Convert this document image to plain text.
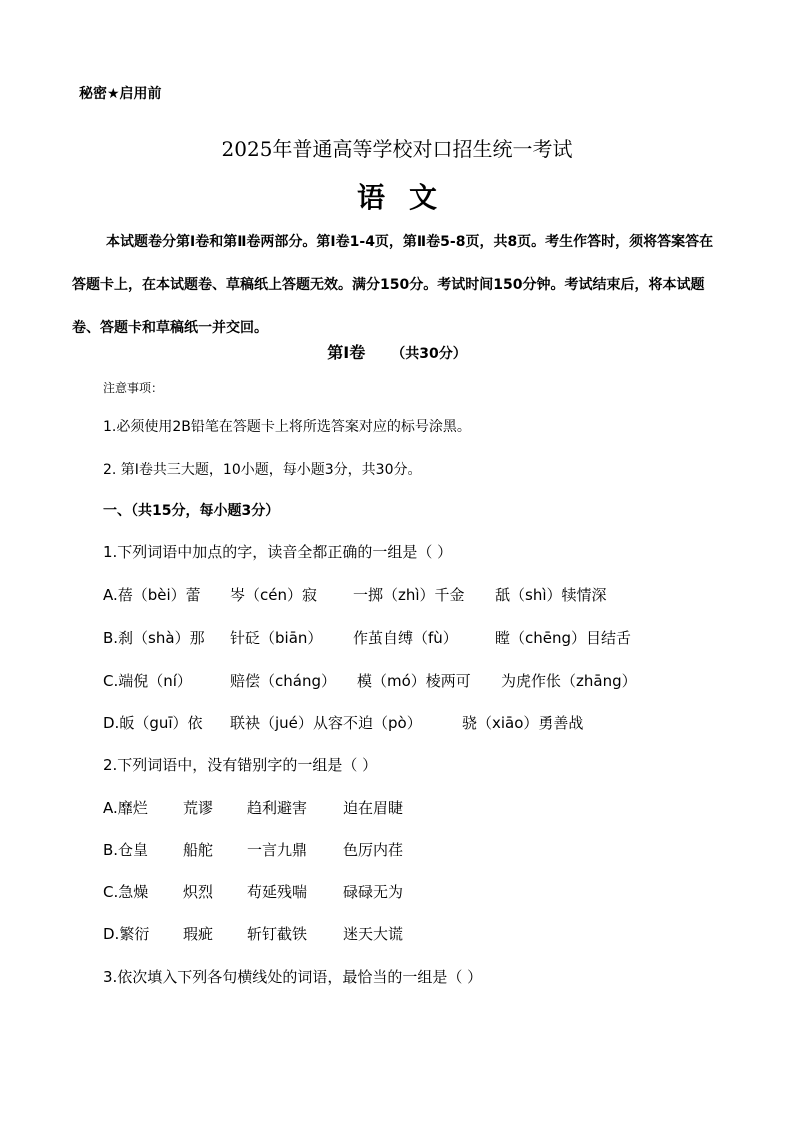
秘密★启用前
2025年普通高等学校对口招生统一考试
语文
本试题卷分第Ⅰ卷和第Ⅱ卷两部分。第Ⅰ卷1-4页，第Ⅱ卷5-8页，共8页。考生作答时，须将答案答在答题卡上，在本试题卷、草稿纸上答题无效。满分150分。考试时间150分钟。考试结束后，将本试题卷、答题卡和草稿纸一并交回。
第Ⅰ卷 （共30分）
注意事项：
1.必须使用2B铅笔在答题卡上将所选答案对应的标号涂黑。
2. 第Ⅰ卷共三大题，10小题，每小题3分，共30分。
一、（共15分，每小题3分）
1.下列词语中加点的字，读音全都正确的一组是（ ）
A.蓓（bèi）蕾 岑（cén）寂 一掷（zhì）千金 舐（shì）犊情深
B.刹（shà）那 针砭（biān） 作茧自缚（fù） 瞠（chēng）目结舌
C.端倪（ní）	赔偿（cháng） 模（mó）棱两可 为虎作伥（zhāng）
D.皈（guī）依 联袂（jué）从容不迫（pò）	骁（xiāo）勇善战
2.下列词语中，没有错别字的一组是（ ）
A.靡烂 荒谬 趋利避害 迫在眉睫
B.仓皇 船舵 一言九鼎 色厉内荏
C.急燥 炽烈 苟延残喘 碌碌无为
D.繁衍 瑕疵 斩钉截铁 迷天大谎
3.依次填入下列各句横线处的词语，最恰当的一组是（ ）
